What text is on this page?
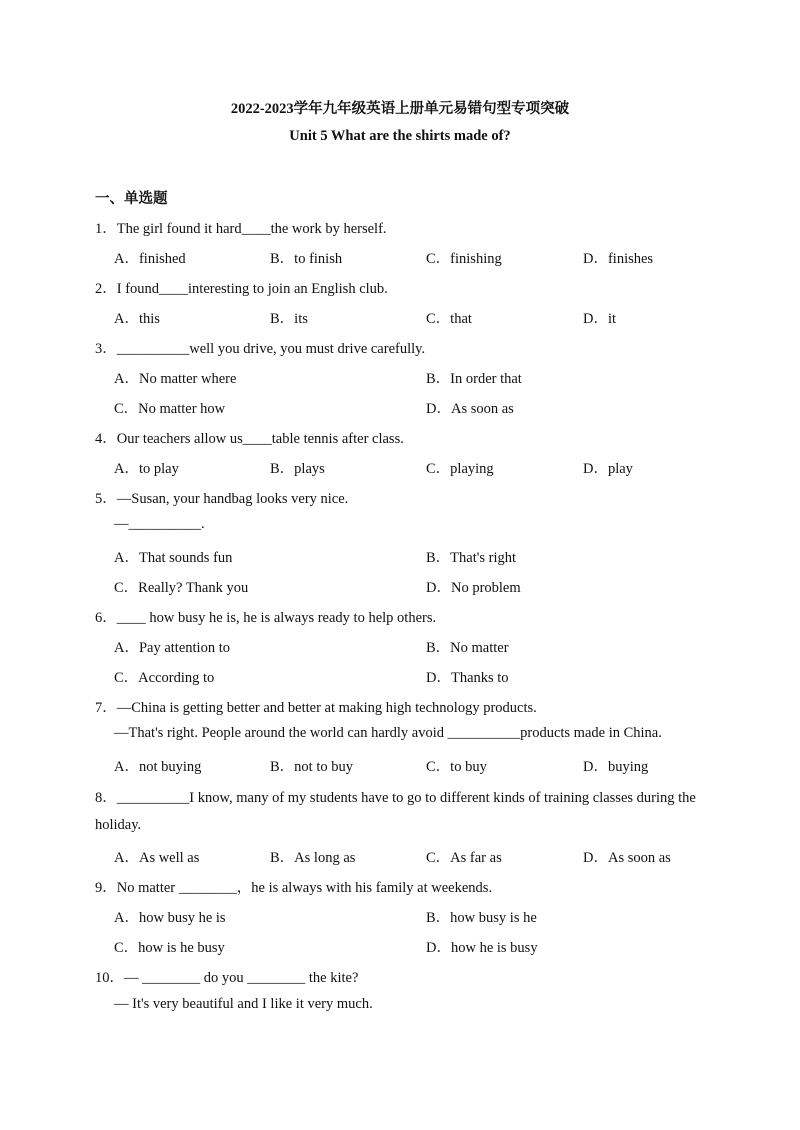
2022-2023学年九年级英语上册单元易错句型专项突破
Unit 5 What are the shirts made of?
一、单选题
1．The girl found it hard____the work by herself.
A．finished	B．to finish	C．finishing	D．finishes
2．I found____interesting to join an English club.
A．this	B．its	C．that	D．it
3．__________well you drive, you must drive carefully.
A．No matter where	B．In order that
C．No matter how	D．As soon as
4．Our teachers allow us____table tennis after class.
A．to play	B．plays	C．playing	D．play
5．—Susan, your handbag looks very nice.
—__________.
A．That sounds fun	B．That's right
C．Really? Thank you	D．No problem
6．____ how busy he is, he is always ready to help others.
A．Pay attention to	B．No matter
C．According to	D．Thanks to
7．—China is getting better and better at making high technology products.
—That's right. People around the world can hardly avoid __________products made in China.
A．not buying	B．not to buy	C．to buy	D．buying
8．__________I know, many of my students have to go to different kinds of training classes during the
holiday.
A．As well as	B．As long as	C．As far as	D．As soon as
9．No matter ________，he is always with his family at weekends.
A．how busy he is	B．how busy is he
C．how is he busy	D．how he is busy
10．— ________ do you ________ the kite?
— It's very beautiful and I like it very much.
